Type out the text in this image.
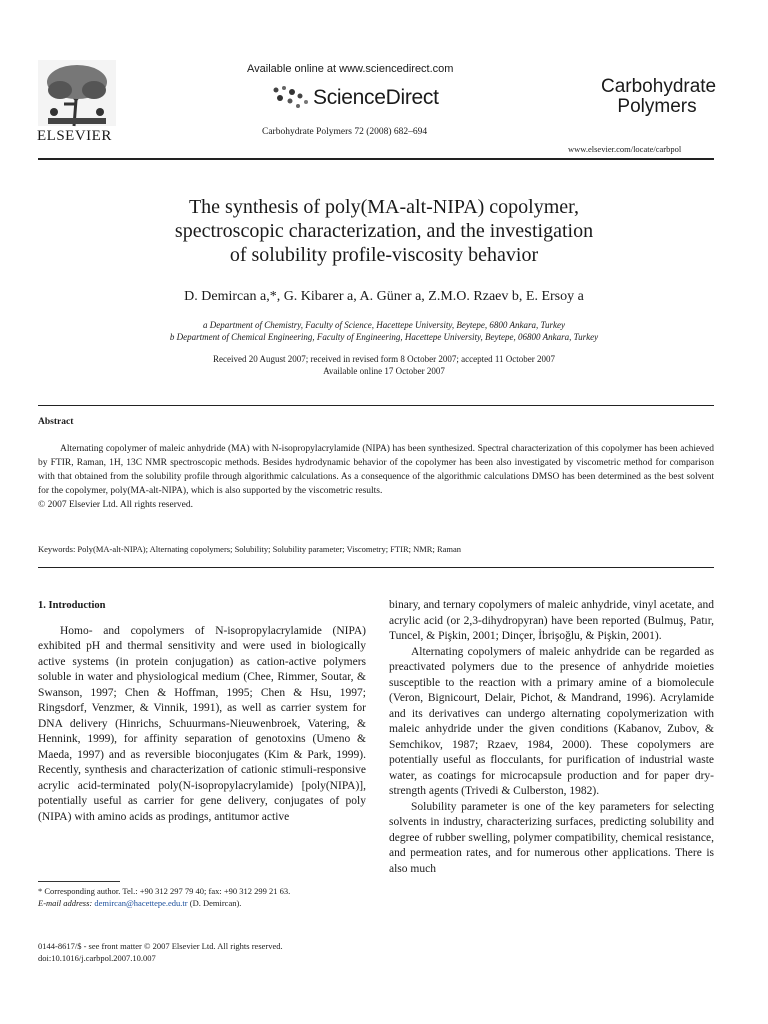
ELSEVIER
Available online at www.sciencedirect.com
ScienceDirect
Carbohydrate Polymers 72 (2008) 682–694
Carbohydrate
Polymers
www.elsevier.com/locate/carbpol
The synthesis of poly(MA-alt-NIPA) copolymer,
spectroscopic characterization, and the investigation
of solubility profile-viscosity behavior
D. Demircan a,*, G. Kibarer a, A. Güner a, Z.M.O. Rzaev b, E. Ersoy a
a Department of Chemistry, Faculty of Science, Hacettepe University, Beytepe, 6800 Ankara, Turkey
b Department of Chemical Engineering, Faculty of Engineering, Hacettepe University, Beytepe, 06800 Ankara, Turkey
Received 20 August 2007; received in revised form 8 October 2007; accepted 11 October 2007
Available online 17 October 2007
Abstract

Alternating copolymer of maleic anhydride (MA) with N-isopropylacrylamide (NIPA) has been synthesized. Spectral characterization of this copolymer has been achieved by FTIR, Raman, 1H, 13C NMR spectroscopic methods. Besides hydrodynamic behavior of the copolymer has been also investigated by viscometric method for comparison with that obtained from the solubility profile through algorithmic calculations. As a consequence of the algorithmic calculations DMSO has been determined as the best solvent for the copolymer, poly(MA-alt-NIPA), which is also supported by the viscometric results.

© 2007 Elsevier Ltd. All rights reserved.

Keywords: Poly(MA-alt-NIPA); Alternating copolymers; Solubility; Solubility parameter; Viscometry; FTIR; NMR; Raman

1. Introduction

Homo- and copolymers of N-isopropylacrylamide (NIPA) exhibited pH and thermal sensitivity and were used in biologically active systems (in protein conjugation) as cation-active polymers soluble in water and physiological medium (Chee, Rimmer, Soutar, & Swanson, 1997; Chen & Hoffman, 1995; Chen & Hsu, 1997; Ringsdorf, Venzmer, & Vinnik, 1991), as well as carrier system for DNA delivery (Hinrichs, Schuurmans-Nieuwenbroek, Vatering, & Hennink, 1999), for affinity separation of genotoxins (Umeno & Maeda, 1997) and as reversible bioconjugates (Kim & Park, 1999). Recently, synthesis and characterization of cationic stimuli-responsive acrylic acid-terminated poly(N-isopropylacrylamide) [poly(NIPA)], potentially useful as carrier for gene delivery, conjugates of poly (NIPA) with amino acids as prodings, antitumor active

binary, and ternary copolymers of maleic anhydride, vinyl acetate, and acrylic acid (or 2,3-dihydropyran) have been reported (Bulmuş, Patır, Tuncel, & Pişkin, 2001; Dinçer, İbrişoğlu, & Pişkin, 2001).

Alternating copolymers of maleic anhydride can be regarded as preactivated polymers due to the presence of anhydride moieties susceptible to the reaction with a primary amine of a biomolecule (Veron, Bignicourt, Delair, Pichot, & Mandrand, 1996). Acrylamide and its derivatives can undergo alternating copolymerization with maleic anhydride under the given conditions (Kabanov, Zubov, & Semchikov, 1987; Rzaev, 1984, 2000). These copolymers are potentially useful as flocculants, for purification of industrial waste water, as coatings for microcapsule production and for paper dry-strength agents (Trivedi & Culberston, 1982).

Solubility parameter is one of the key parameters for selecting solvents in industry, characterizing surfaces, predicting solubility and degree of rubber swelling, polymer compatibility, chemical resistance, and permeation rates, and for numerous other applications. There is also much

* Corresponding author. Tel.: +90 312 297 79 40; fax: +90 312 299 21 63.
E-mail address: demircan@hacettepe.edu.tr (D. Demircan).
0144-8617/$ - see front matter © 2007 Elsevier Ltd. All rights reserved.
doi:10.1016/j.carbpol.2007.10.007
